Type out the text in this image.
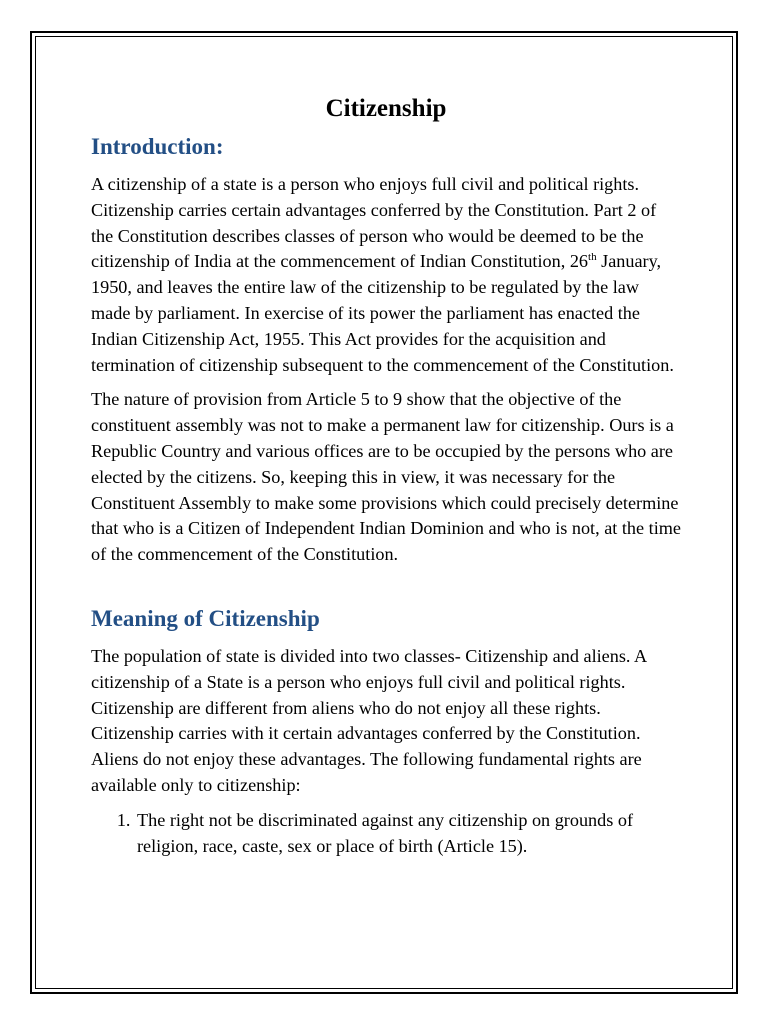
Citizenship
Introduction:

A citizenship of a state is a person who enjoys full civil and political rights. Citizenship carries certain advantages conferred by the Constitution. Part 2 of the Constitution describes classes of person who would be deemed to be the citizenship of India at the commencement of Indian Constitution, 26th January, 1950, and leaves the entire law of the citizenship to be regulated by the law made by parliament. In exercise of its power the parliament has enacted the Indian Citizenship Act, 1955. This Act provides for the acquisition and termination of citizenship subsequent to the commencement of the Constitution.

The nature of provision from Article 5 to 9 show that the objective of the constituent assembly was not to make a permanent law for citizenship. Ours is a Republic Country and various offices are to be occupied by the persons who are elected by the citizens. So, keeping this in view, it was necessary for the Constituent Assembly to make some provisions which could precisely determine that who is a Citizen of Independent Indian Dominion and who is not, at the time of the commencement of the Constitution.

Meaning of Citizenship

The population of state is divided into two classes- Citizenship and aliens. A citizenship of a State is a person who enjoys full civil and political rights. Citizenship are different from aliens who do not enjoy all these rights. Citizenship carries with it certain advantages conferred by the Constitution. Aliens do not enjoy these advantages. The following fundamental rights are available only to citizenship:

1. The right not be discriminated against any citizenship on grounds of religion, race, caste, sex or place of birth (Article 15).
